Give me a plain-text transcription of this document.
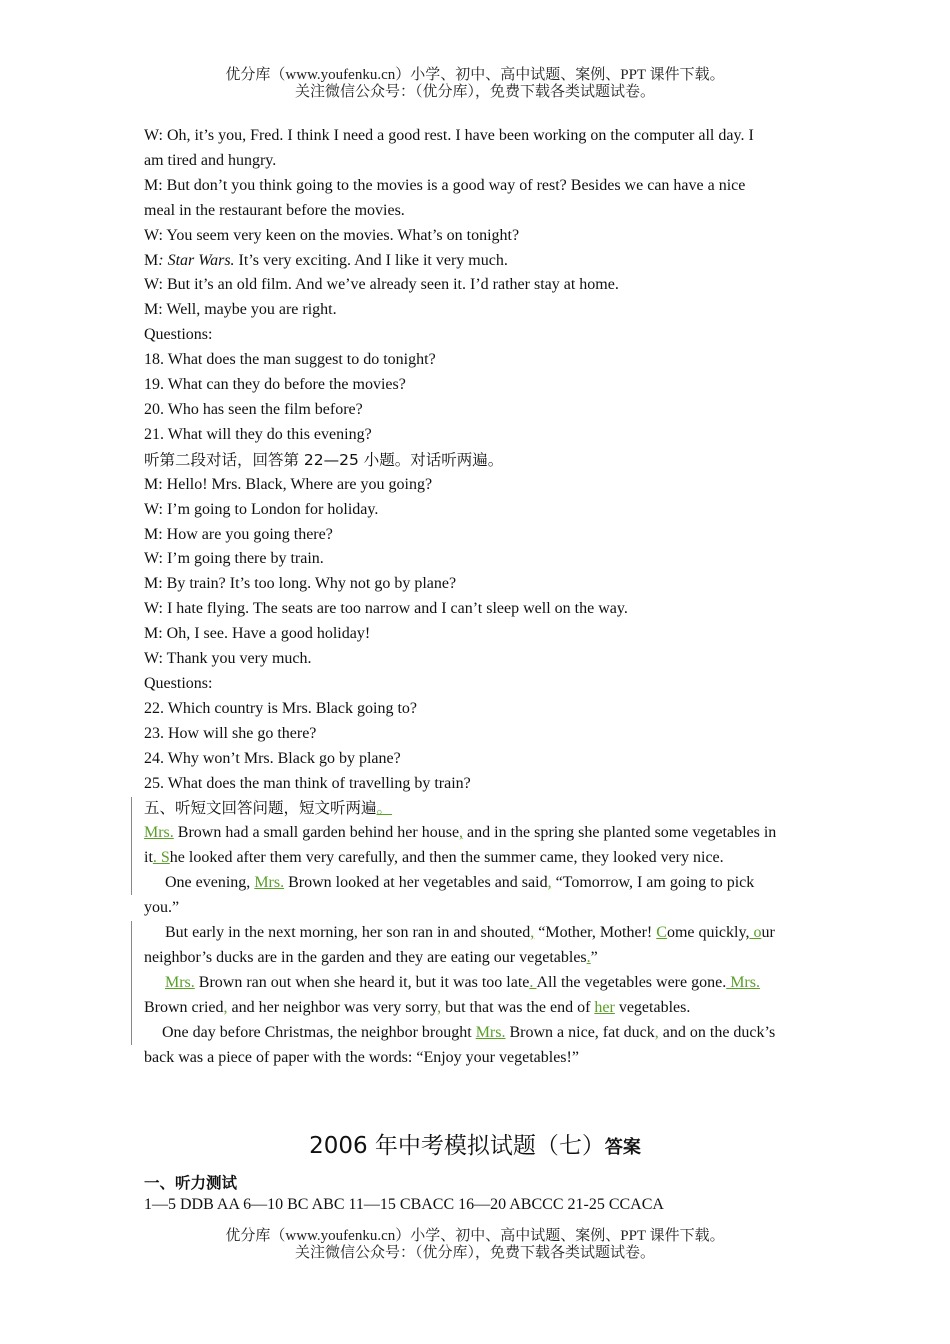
优分库（www.youfenku.cn）小学、初中、高中试题、案例、PPT 课件下载。
关注微信公众号：（优分库），免费下载各类试题试卷。
W: Oh, it’s you, Fred. I think I need a good rest. I have been working on the computer all day. I
am tired and hungry.
M: But don’t you think going to the movies is a good way of rest? Besides we can have a nice
meal in the restaurant before the movies.
W: You seem very keen on the movies. What’s on tonight?
M: Star Wars. It’s very exciting. And I like it very much.
W: But it’s an old film. And we’ve already seen it. I’d rather stay at home.
M: Well, maybe you are right.
Questions:
18. What does the man suggest to do tonight?
19. What can they do before the movies?
20. Who has seen the film before?
21. What will they do this evening?
听第二段对话，回答第 22—25 小题。对话听两遍。
M: Hello! Mrs. Black, Where are you going?
W: I’m going to London for holiday.
M: How are you going there?
W: I’m going there by train.
M: By train? It’s too long. Why not go by plane?
W: I hate flying. The seats are too narrow and I can’t sleep well on the way.
M: Oh, I see. Have a good holiday!
W: Thank you very much.
Questions:
22. Which country is Mrs. Black going to?
23. How will she go there?
24. Why won’t Mrs. Black go by plane?
25. What does the man think of travelling by train?
五、听短文回答问题，短文听两遍。
Mrs. Brown had a small garden behind her house, and in the spring she planted some vegetables in
it. She looked after them very carefully, and then the summer came, they looked very nice.
One evening, Mrs. Brown looked at her vegetables and said, “Tomorrow, I am going to pick
you.”
But early in the next morning, her son ran in and shouted, “Mother, Mother! Come quickly, our
neighbor’s ducks are in the garden and they are eating our vegetables.”
Mrs. Brown ran out when she heard it, but it was too late. All the vegetables were gone. Mrs.
Brown cried, and her neighbor was very sorry, but that was the end of her vegetables.
One day before Christmas, the neighbor brought Mrs. Brown a nice, fat duck, and on the duck’s
back was a piece of paper with the words: “Enjoy your vegetables!”
2006 年中考模拟试题（七）答案
一、听力测试
1—5 DDB AA 6—10 BC ABC 11—15 CBACC 16—20 ABCCC 21-25 CCACA
优分库（www.youfenku.cn）小学、初中、高中试题、案例、PPT 课件下载。
关注微信公众号：（优分库），免费下载各类试题试卷。
